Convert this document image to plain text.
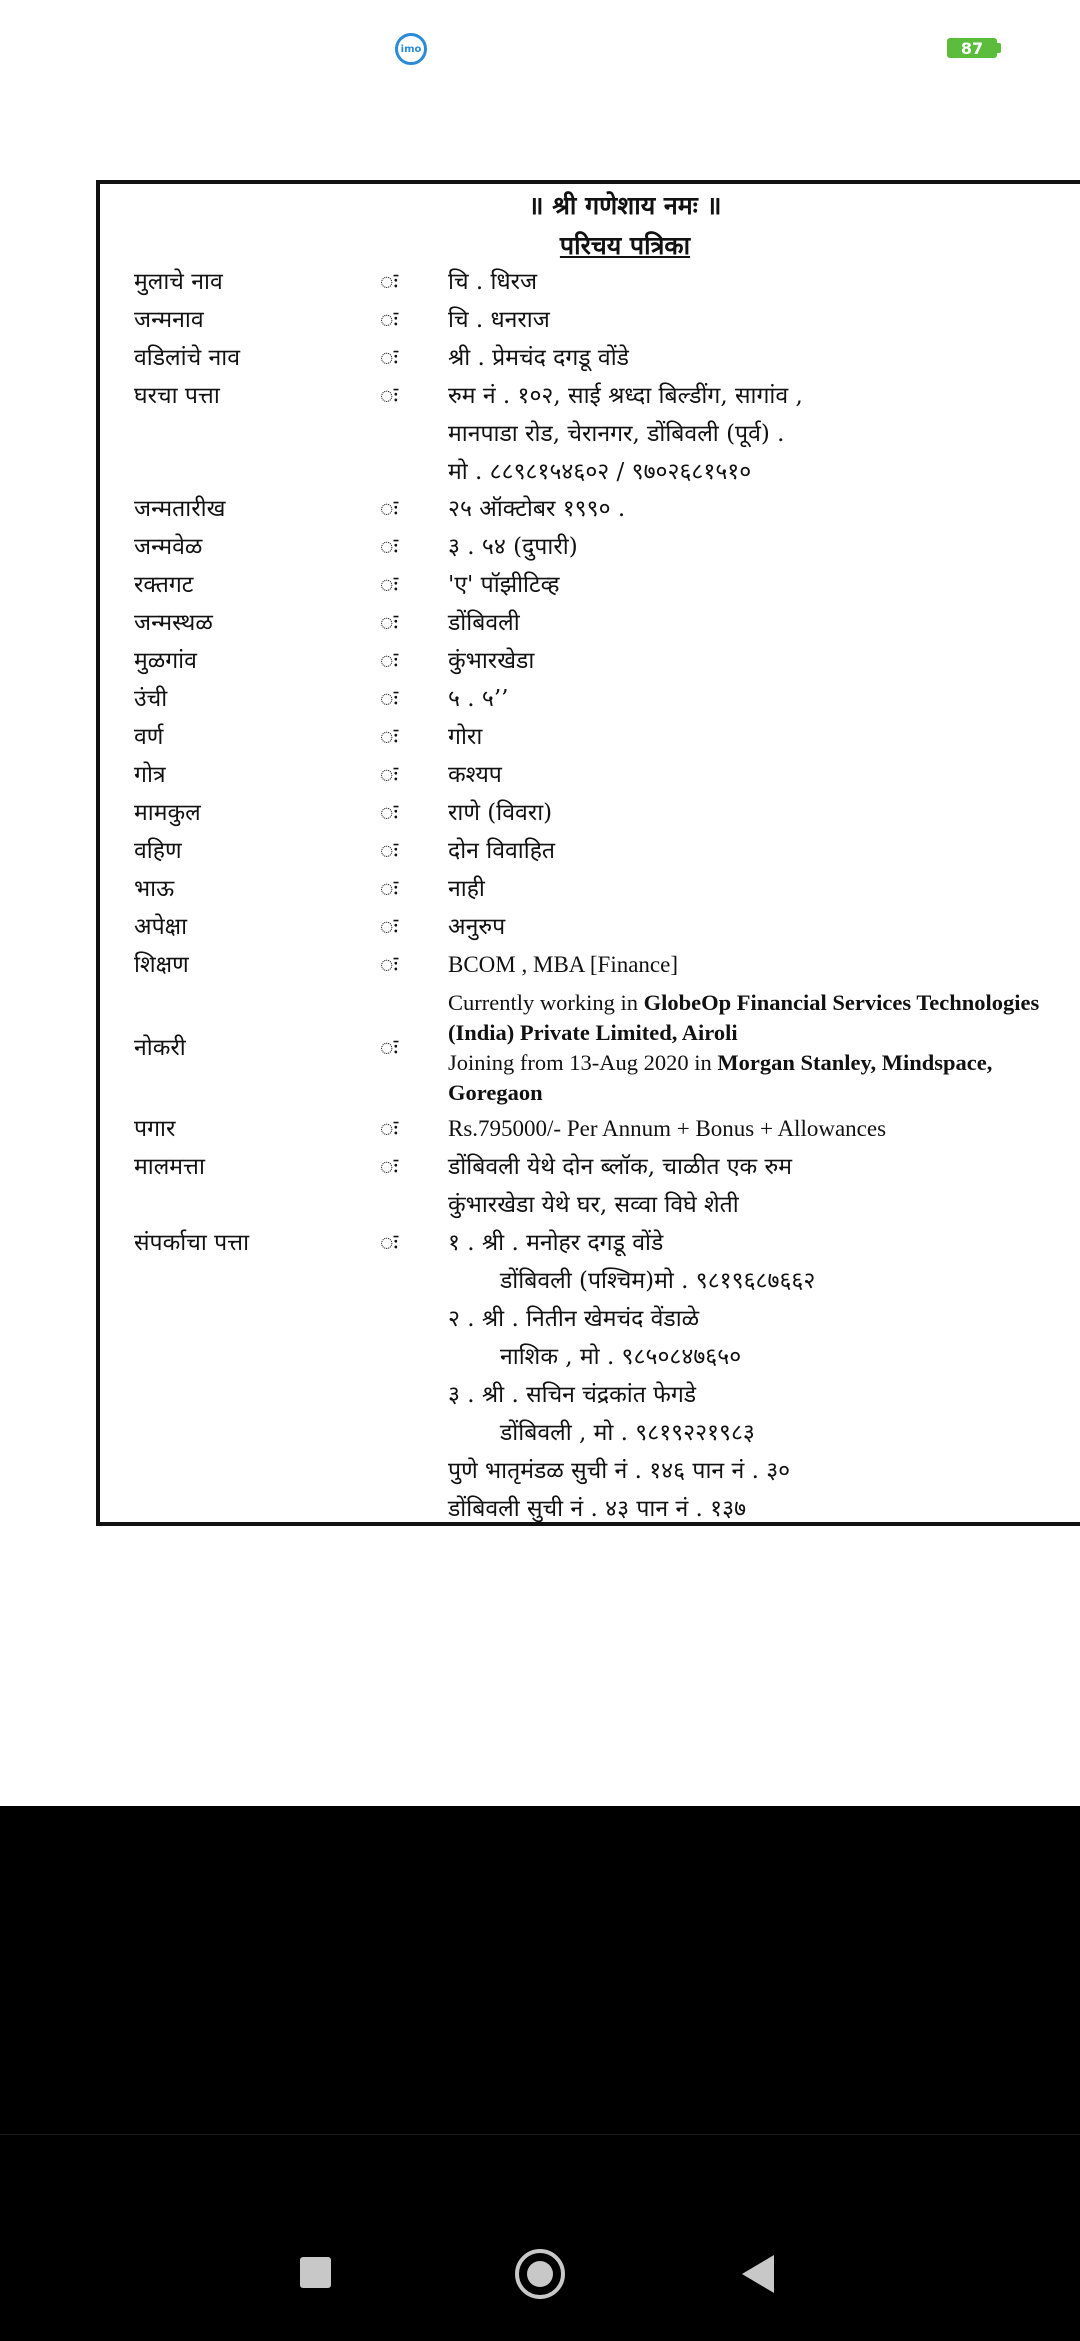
imo	87
॥ श्री गणेशाय नमः ॥
परिचय पत्रिका
मुलाचे नाव	ः चि . धिरज
जन्मनाव	ः चि . धनराज
वडिलांचे नाव	ः श्री . प्रेमचंद दगडू वोंडे
घरचा पत्ता	ः रुम नं . १०२, साई श्रध्दा बिल्डींग, सागांव ,
मानपाडा रोड, चेरानगर, डोंबिवली (पूर्व) .
मो . ८८९८१५४६०२ / ९७०२६८१५१०
जन्मतारीख	ः २५ ऑक्टोबर १९९० .
जन्मवेळ	ः ३ . ५४ (दुपारी)
रक्तगट	ः 'ए' पॉझीटिव्ह
जन्मस्थळ	ः डोंबिवली
मुळगांव	ः कुंभारखेडा
उंची	ः ५ . ५’’
वर्ण	ः गोरा
गोत्र	ः कश्यप
मामकुल	ः राणे (विवरा)
वहिण	ः दोन विवाहित
भाऊ	ः नाही
अपेक्षा	ः अनुरुप
शिक्षण	ः BCOM , MBA [Finance]
नोकरी	ः
Currently working in GlobeOp Financial Services Technologies (India) Private Limited, Airoli
Joining from 13-Aug 2020 in Morgan Stanley, Mindspace, Goregaon
पगार	ः Rs.795000/- Per Annum + Bonus + Allowances
मालमत्ता	ः डोंबिवली येथे दोन ब्लॉक, चाळीत एक रुम
कुंभारखेडा येथे घर, सव्वा विघे शेती
संपर्काचा पत्ता	ः १ . श्री . मनोहर दगडू वोंडे
डोंबिवली (पश्चिम)मो . ९८१९६८७६६२
२ . श्री . नितीन खेमचंद वेंडाळे
नाशिक , मो . ९८५०८४७६५०
३ . श्री . सचिन चंद्रकांत फेगडे
डोंबिवली , मो . ९८१९२२१९८३
पुणे भातृमंडळ सुची नं . १४६ पान नं . ३०
डोंबिवली सुची नं . ४३ पान नं . १३७
